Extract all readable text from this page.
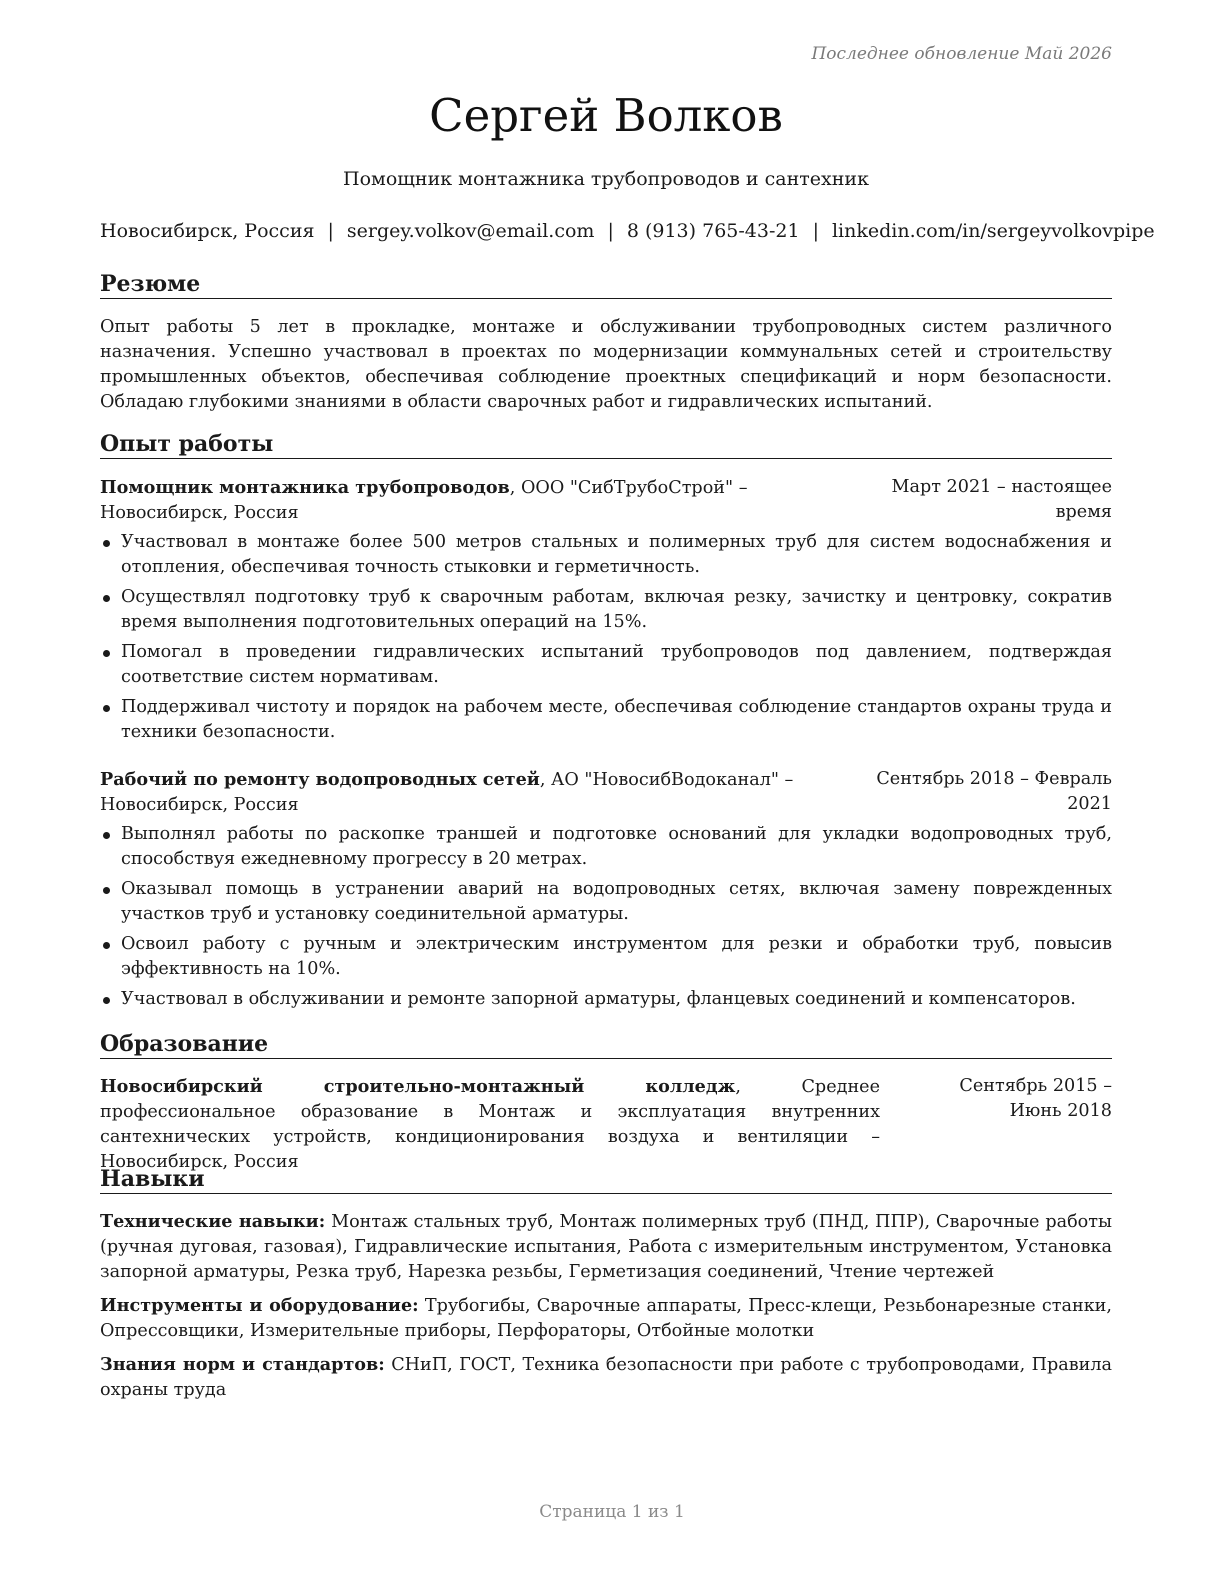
Последнее обновление Май 2026
Сергей Волков
Помощник монтажника трубопроводов и сантехник
Новосибирск, Россия | sergey.volkov@email.com | 8 (913) 765-43-21 | linkedin.com/in/sergeyvolkovpipe
Резюме
Опыт работы 5 лет в прокладке, монтаже и обслуживании трубопроводных систем различного назначения. Успешно участвовал в проектах по модернизации коммунальных сетей и строительству промышленных объектов, обеспечивая соблюдение проектных спецификаций и норм безопасности. Обладаю глубокими знаниями в области сварочных работ и гидравлических испытаний.
Опыт работы
Помощник монтажника трубопроводов, ООО "СибТрубоСтрой" – Новосибирск, Россия
Март 2021 – настоящее время
Участвовал в монтаже более 500 метров стальных и полимерных труб для систем водоснабжения и отопления, обеспечивая точность стыковки и герметичность.
Осуществлял подготовку труб к сварочным работам, включая резку, зачистку и центровку, сократив время выполнения подготовительных операций на 15%.
Помогал в проведении гидравлических испытаний трубопроводов под давлением, подтверждая соответствие систем нормативам.
Поддерживал чистоту и порядок на рабочем месте, обеспечивая соблюдение стандартов охраны труда и техники безопасности.
Рабочий по ремонту водопроводных сетей, АО "НовосибВодоканал" – Новосибирск, Россия
Сентябрь 2018 – Февраль 2021
Выполнял работы по раскопке траншей и подготовке оснований для укладки водопроводных труб, способствуя ежедневному прогрессу в 20 метрах.
Оказывал помощь в устранении аварий на водопроводных сетях, включая замену поврежденных участков труб и установку соединительной арматуры.
Освоил работу с ручным и электрическим инструментом для резки и обработки труб, повысив эффективность на 10%.
Участвовал в обслуживании и ремонте запорной арматуры, фланцевых соединений и компенсаторов.
Образование
Новосибирский строительно-монтажный колледж, Среднее профессиональное образование в Монтаж и эксплуатация внутренних сантехнических устройств, кондиционирования воздуха и вентиляции – Новосибирск, Россия
Сентябрь 2015 – Июнь 2018
Навыки
Технические навыки: Монтаж стальных труб, Монтаж полимерных труб (ПНД, ППР), Сварочные работы (ручная дуговая, газовая), Гидравлические испытания, Работа с измерительным инструментом, Установка запорной арматуры, Резка труб, Нарезка резьбы, Герметизация соединений, Чтение чертежей
Инструменты и оборудование: Трубогибы, Сварочные аппараты, Пресс-клещи, Резьбонарезные станки, Опрессовщики, Измерительные приборы, Перфораторы, Отбойные молотки
Знания норм и стандартов: СНиП, ГОСТ, Техника безопасности при работе с трубопроводами, Правила охраны труда
Страница 1 из 1
